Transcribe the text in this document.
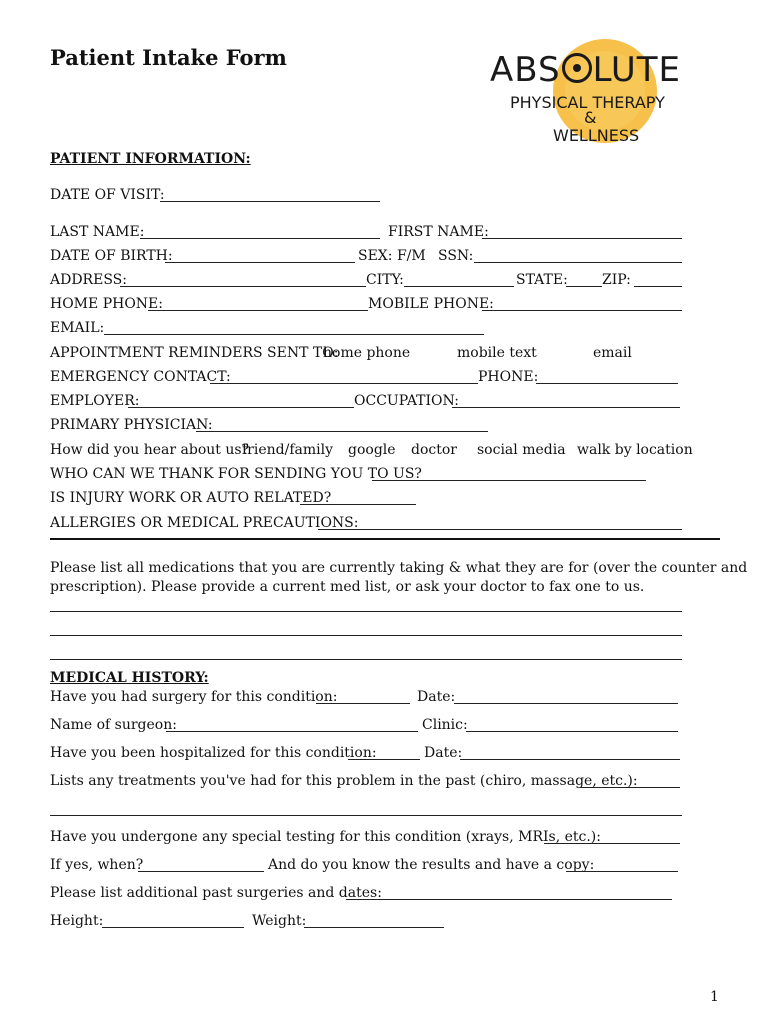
Patient Intake Form	ABS LUTE
PHYSICAL THERAPY
&
WELLNESS
PATIENT INFORMATION:
DATE OF VISIT:
LAST NAME:	FIRST NAME:
DATE OF BIRTH:	SEX: F/M SSN:
ADDRESS:	CITY:	STATE: ZIP:
HOME PHONE:	MOBILE PHONE:
EMAIL:
APPOINTMENT REMINDERS SENT TO:
home phone	mobile text	email
EMERGENCY CONTACT:	PHONE:
EMPLOYER:	OCCUPATION:
PRIMARY PHYSICIAN:
How did you hear about us?
friend/family google doctor social media walk by location
WHO CAN WE THANK FOR SENDING YOU TO US?
IS INJURY WORK OR AUTO RELATED?
ALLERGIES OR MEDICAL PRECAUTIONS:
Please list all medications that you are currently taking & what they are for (over the counter and
prescription). Please provide a current med list, or ask your doctor to fax one to us.
MEDICAL HISTORY:
Have you had surgery for this condition:	Date:
Name of surgeon:	Clinic:
Have you been hospitalized for this condition:	Date:
Lists any treatments you've had for this problem in the past (chiro, massage, etc.):
Have you undergone any special testing for this condition (xrays, MRIs, etc.):
If yes, when?	And do you know the results and have a copy:
Please list additional past surgeries and dates:
Height:	Weight:
1
